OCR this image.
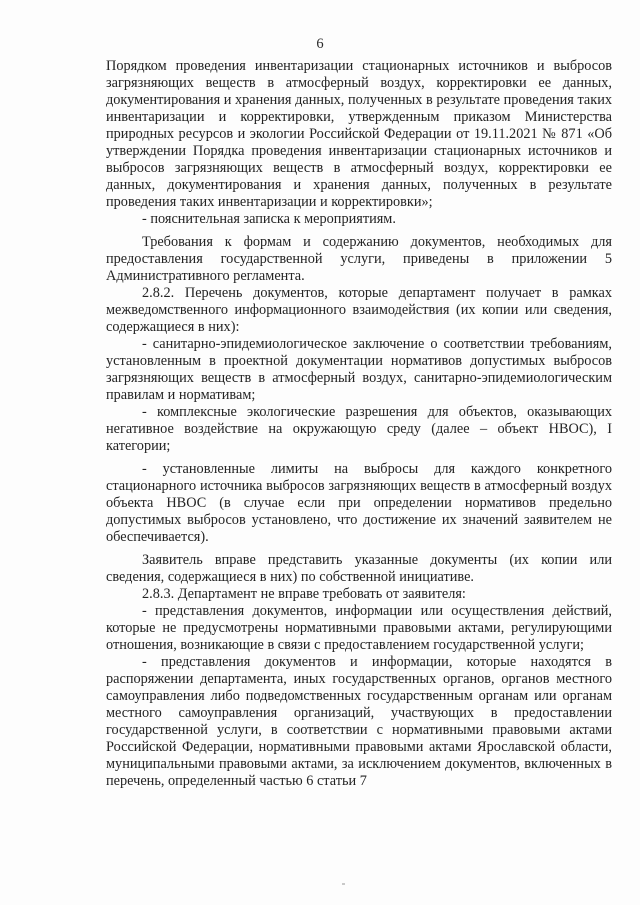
6

Порядком проведения инвентаризации стационарных источников и выбросов загрязняющих веществ в атмосферный воздух, корректировки ее данных, документирования и хранения данных, полученных в результате проведения таких инвентаризации и корректировки, утвержденным приказом Министерства природных ресурсов и экологии Российской Федерации от 19.11.2021 № 871 «Об утверждении Порядка проведения инвентаризации стационарных источников и выбросов загрязняющих веществ в атмосферный воздух, корректировки ее данных, документирования и хранения данных, полученных в результате проведения таких инвентаризации и корректировки»;

- пояснительная записка к мероприятиям.

Требования к формам и содержанию документов, необходимых для предоставления государственной услуги, приведены в приложении 5 Административного регламента.

2.8.2. Перечень документов, которые департамент получает в рамках межведомственного информационного взаимодействия (их копии или сведения, содержащиеся в них):

- санитарно-эпидемиологическое заключение о соответствии требованиям, установленным в проектной документации нормативов допустимых выбросов загрязняющих веществ в атмосферный воздух, санитарно-эпидемиологическим правилам и нормативам;

- комплексные экологические разрешения для объектов, оказывающих негативное воздействие на окружающую среду (далее – объект НВОС), I категории;

- установленные лимиты на выбросы для каждого конкретного стационарного источника выбросов загрязняющих веществ в атмосферный воздух объекта НВОС (в случае если при определении нормативов предельно допустимых выбросов установлено, что достижение их значений заявителем не обеспечивается).

Заявитель вправе представить указанные документы (их копии или сведения, содержащиеся в них) по собственной инициативе.

2.8.3. Департамент не вправе требовать от заявителя:

- представления документов, информации или осуществления действий, которые не предусмотрены нормативными правовыми актами, регулирующими отношения, возникающие в связи с предоставлением государственной услуги;

- представления документов и информации, которые находятся в распоряжении департамента, иных государственных органов, органов местного самоуправления либо подведомственных государственным органам или органам местного самоуправления организаций, участвующих в предоставлении государственной услуги, в соответствии с нормативными правовыми актами Российской Федерации, нормативными правовыми актами Ярославской области, муниципальными правовыми актами, за исключением документов, включенных в перечень, определенный частью 6 статьи 7
